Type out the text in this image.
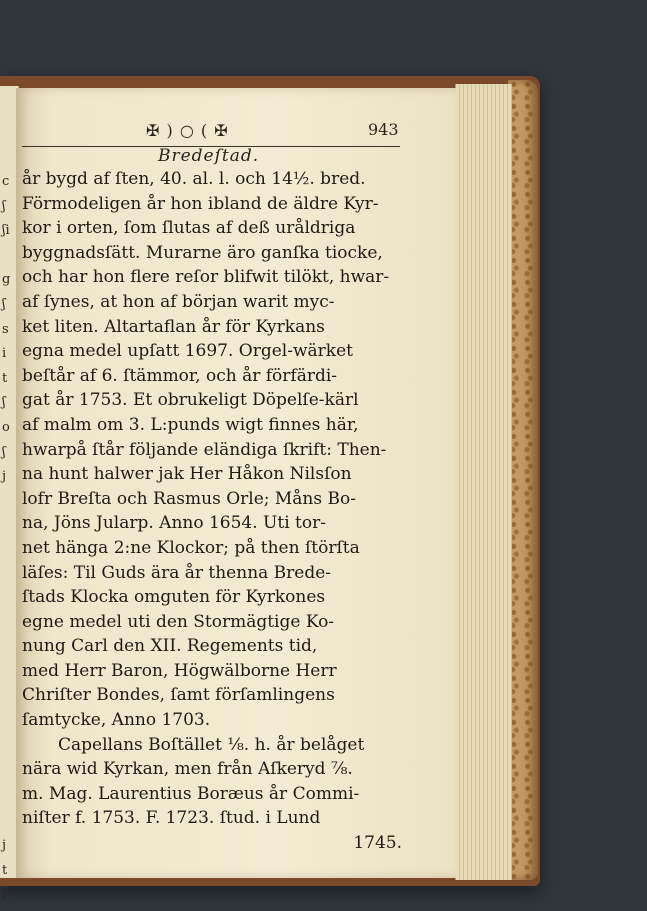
c
ʃ
ʃi

g
ʃ
s
i
t
ʃ
o
ʃ
j

j
t
r
✠ ) ○ ( ✠	943
Bredeſtad.
år bygd af ſten, 40. al. l. och 14½. bred.
Förmodeligen år hon ibland de äldre Kyr-
kor i orten, ſom ſlutas af deß uråldriga
byggnadsſätt. Murarne äro ganſka tiocke,
och har hon flere reſor blifwit tilökt, hwar-
af ſynes, at hon af början warit myc-
ket liten. Altartaflan år för Kyrkans
egna medel upſatt 1697. Orgel-wärket
beſtår af 6. ſtämmor, och år förfärdi-
gat år 1753. Et obrukeligt Döpelſe-kärl
af malm om 3. L:punds wigt finnes här,
hwarpå ſtår följande eländiga ſkrift: Then-
na hunt halwer jak Her Håkon Nilsſon
lofr Breſta och Rasmus Orle; Måns Bo-
na, Jöns Jularp. Anno 1654. Uti tor-
net hänga 2:ne Klockor; på then ſtörſta
läſes: Til Guds ära år thenna Brede-
ſtads Klocka omguten för Kyrkones
egne medel uti den Stormägtige Ko-
nung Carl den XII. Regements tid,
med Herr Baron, Högwälborne Herr
Chriſter Bondes, ſamt förſamlingens
ſamtycke, Anno 1703.
Capellans Boſtället ⅛. h. år belåget
nära wid Kyrkan, men från Aſkeryd ⅞.
m. Mag. Laurentius Boræus år Commi-
niſter f. 1753. F. 1723. ſtud. i Lund
1745.
